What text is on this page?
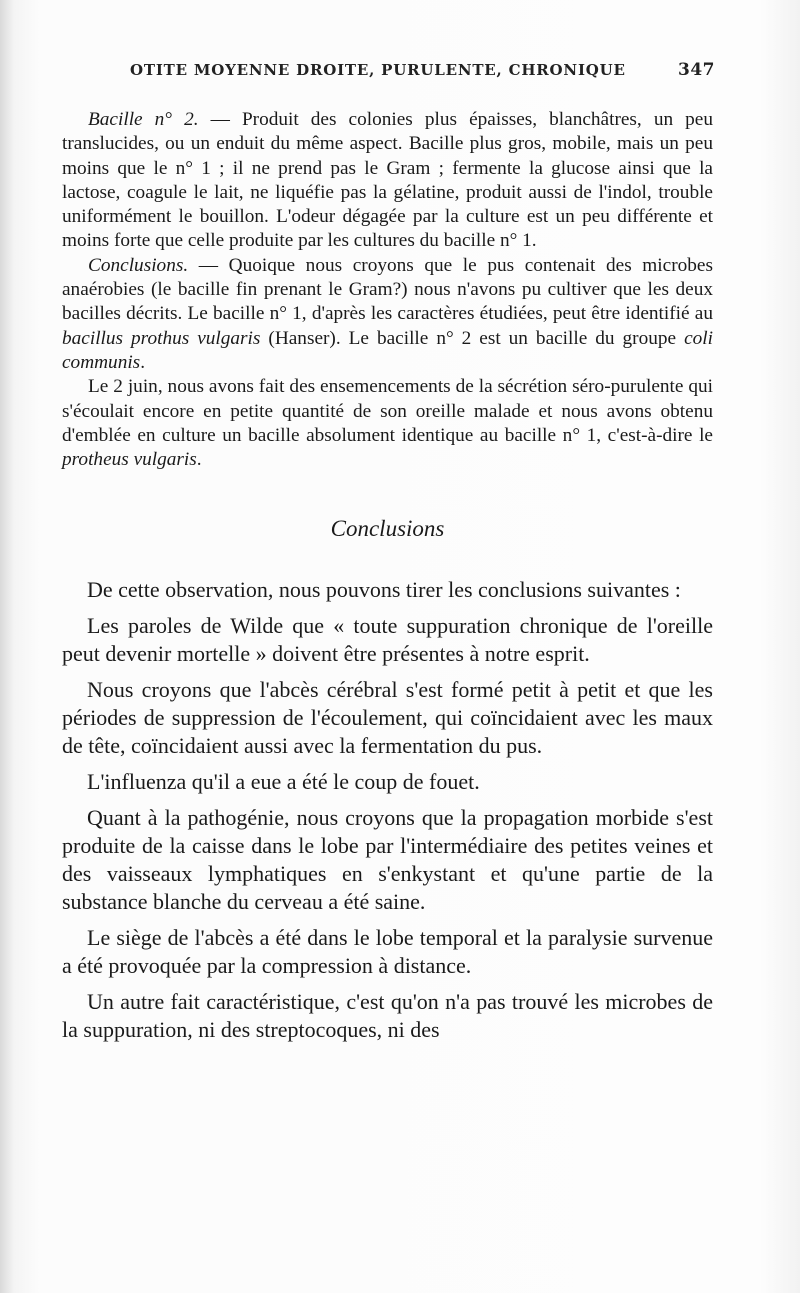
OTITE MOYENNE DROITE, PURULENTE, CHRONIQUE	347

Bacille n° 2. — Produit des colonies plus épaisses, blanchâtres, un peu translucides, ou un enduit du même aspect. Bacille plus gros, mobile, mais un peu moins que le n° 1 ; il ne prend pas le Gram ; fermente la glucose ainsi que la lactose, coagule le lait, ne liquéfie pas la gélatine, produit aussi de l'indol, trouble uniformément le bouillon. L'odeur dégagée par la culture est un peu différente et moins forte que celle produite par les cultures du bacille n° 1.

Conclusions. — Quoique nous croyons que le pus contenait des microbes anaérobies (le bacille fin prenant le Gram?) nous n'avons pu cultiver que les deux bacilles décrits. Le bacille n° 1, d'après les caractères étudiées, peut être identifié au bacillus prothus vulgaris (Hanser). Le bacille n° 2 est un bacille du groupe coli communis.

Le 2 juin, nous avons fait des ensemencements de la sécrétion séro-purulente qui s'écoulait encore en petite quantité de son oreille malade et nous avons obtenu d'emblée en culture un bacille absolument identique au bacille n° 1, c'est-à-dire le protheus vulgaris.

Conclusions

De cette observation, nous pouvons tirer les conclusions suivantes :

Les paroles de Wilde que « toute suppuration chronique de l'oreille peut devenir mortelle » doivent être présentes à notre esprit.

Nous croyons que l'abcès cérébral s'est formé petit à petit et que les périodes de suppression de l'écoulement, qui coïncidaient avec les maux de tête, coïncidaient aussi avec la fermentation du pus.

L'influenza qu'il a eue a été le coup de fouet.

Quant à la pathogénie, nous croyons que la propagation morbide s'est produite de la caisse dans le lobe par l'intermédiaire des petites veines et des vaisseaux lymphatiques en s'enkystant et qu'une partie de la substance blanche du cerveau a été saine.

Le siège de l'abcès a été dans le lobe temporal et la paralysie survenue a été provoquée par la compression à distance.

Un autre fait caractéristique, c'est qu'on n'a pas trouvé les microbes de la suppuration, ni des streptocoques, ni des
